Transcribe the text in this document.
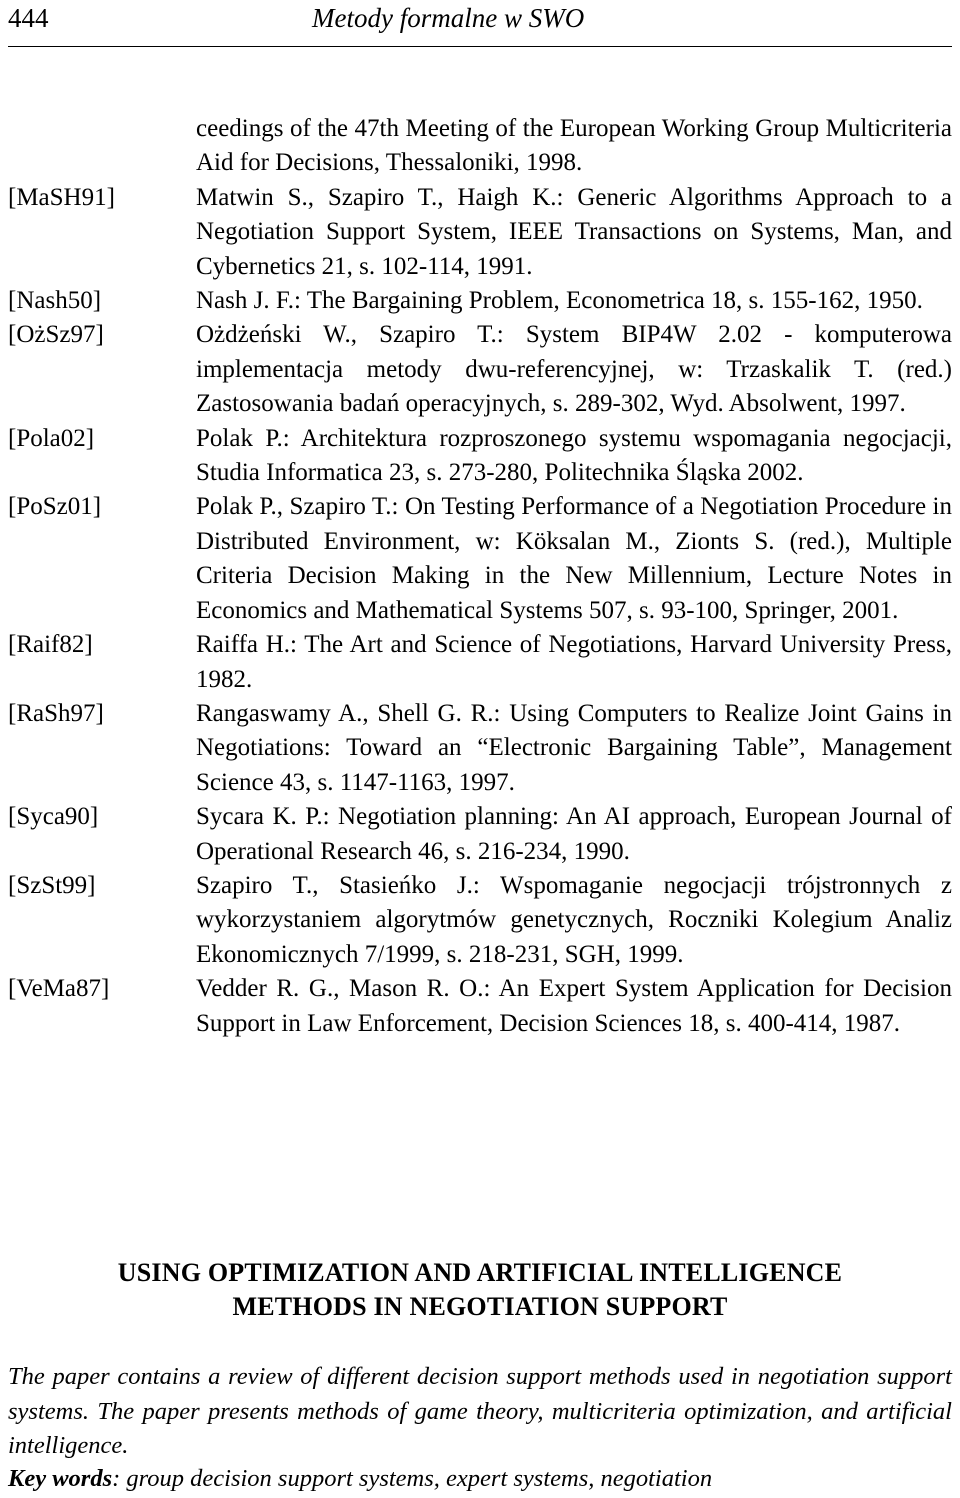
444	Metody formalne w SWO
ceedings of the 47th Meeting of the European Working Group Multicriteria Aid for Decisions, Thessaloniki, 1998.
[MaSH91]	Matwin S., Szapiro T., Haigh K.: Generic Algorithms Approach to a Negotiation Support System, IEEE Transactions on Systems, Man, and Cybernetics 21, s. 102-114, 1991.
[Nash50]	Nash J. F.: The Bargaining Problem, Econometrica 18, s. 155-162, 1950.
[OżSz97]	Ożdżeński W., Szapiro T.: System BIP4W 2.02 - komputerowa implementacja metody dwu-referencyjnej, w: Trzaskalik T. (red.) Zastosowania badań operacyjnych, s. 289-302, Wyd. Absolwent, 1997.
[Pola02]	Polak P.: Architektura rozproszonego systemu wspomagania negocjacji, Studia Informatica 23, s. 273-280, Politechnika Śląska 2002.
[PoSz01]	Polak P., Szapiro T.: On Testing Performance of a Negotiation Procedure in Distributed Environment, w: Köksalan M., Zionts S. (red.), Multiple Criteria Decision Making in the New Millennium, Lecture Notes in Economics and Mathematical Systems 507, s. 93-100, Springer, 2001.
[Raif82]	Raiffa H.: The Art and Science of Negotiations, Harvard University Press, 1982.
[RaSh97]	Rangaswamy A., Shell G. R.: Using Computers to Realize Joint Gains in Negotiations: Toward an “Electronic Bargaining Table”, Management Science 43, s. 1147-1163, 1997.
[Syca90]	Sycara K. P.: Negotiation planning: An AI approach, European Journal of Operational Research 46, s. 216-234, 1990.
[SzSt99]	Szapiro T., Stasieńko J.: Wspomaganie negocjacji trójstronnych z wykorzystaniem algorytmów genetycznych, Roczniki Kolegium Analiz Ekonomicznych 7/1999, s. 218-231, SGH, 1999.
[VeMa87]	Vedder R. G., Mason R. O.: An Expert System Application for Decision Support in Law Enforcement, Decision Sciences 18, s. 400-414, 1987.
USING OPTIMIZATION AND ARTIFICIAL INTELLIGENCE
METHODS IN NEGOTIATION SUPPORT
The paper contains a review of different decision support methods used in negotiation support systems. The paper presents methods of game theory, multicriteria optimization, and artificial intelligence.
Key words: group decision support systems, expert systems, negotiation
